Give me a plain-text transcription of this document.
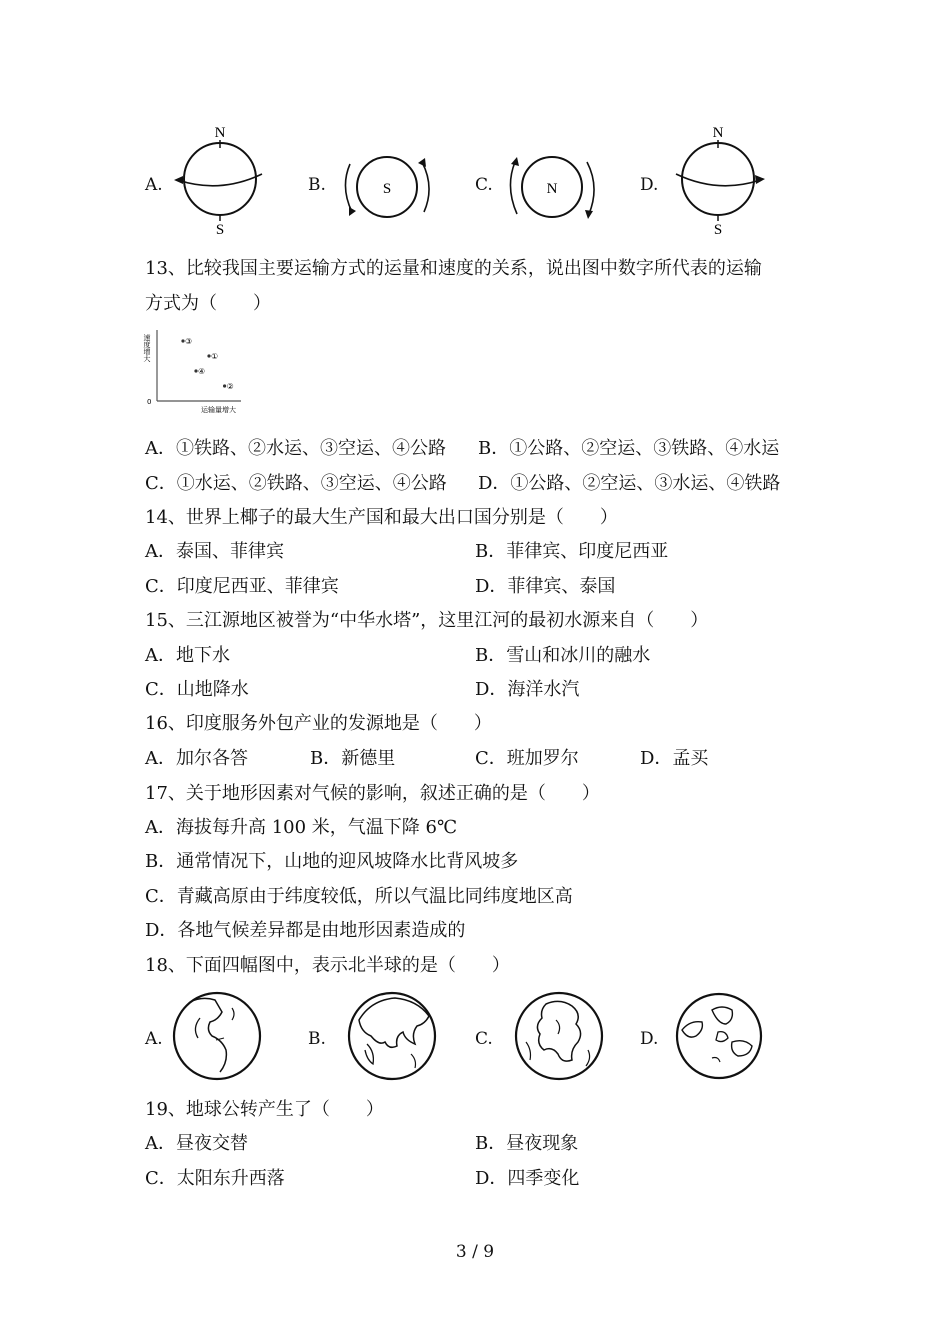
A.
N
S
B.	S	C.	N	D.
N
S
13、比较我国主要运输方式的运量和速度的关系，说出图中数字所代表的运输
方式为（　　）
速度增大
0
运输量增大
③
①
④
②
A．①铁路、②水运、③空运、④公路 B．①公路、②空运、③铁路、④水运
C．①水运、②铁路、③空运、④公路 D．①公路、②空运、③水运、④铁路
14、世界上椰子的最大生产国和最大出口国分别是（　　）
A．泰国、菲律宾	B．菲律宾、印度尼西亚
C．印度尼西亚、菲律宾	D．菲律宾、泰国
15、三江源地区被誉为“中华水塔”，这里江河的最初水源来自（　　）
A．地下水	B．雪山和冰川的融水
C．山地降水	D．海洋水汽
16、印度服务外包产业的发源地是（　　）
A．加尔各答	B．新德里	C．班加罗尔	D．孟买
17、关于地形因素对气候的影响，叙述正确的是（　　）
A．海拔每升高 100 米，气温下降 6℃
B．通常情况下，山地的迎风坡降水比背风坡多
C．青藏高原由于纬度较低，所以气温比同纬度地区高
D．各地气候差异都是由地形因素造成的
18、下面四幅图中，表示北半球的是（　　）
A.	B.	C.	D.
19、地球公转产生了（　　）
A．昼夜交替	B．昼夜现象
C．太阳东升西落	D．四季变化
3 / 9
